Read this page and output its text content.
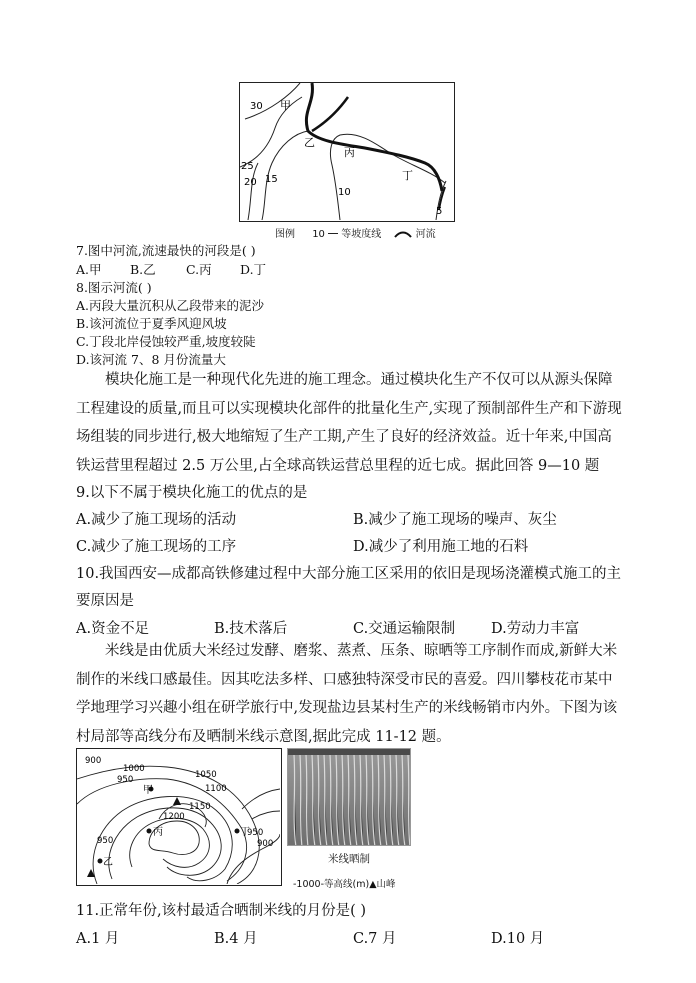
30
25
20 15
10
5
甲
乙
丙
丁
图例 10 等坡度线	河流
7.图中河流,流速最快的河段是( )
A.甲 B.乙 C.丙 D.丁
8.图示河流( )
A.丙段大量沉积从乙段带来的泥沙
B.该河流位于夏季风迎风坡
C.丁段北岸侵蚀较严重,坡度较陡
D.该河流 7、8 月份流量大
模块化施工是一种现代化先进的施工理念。通过模块化生产不仅可以从源头保障工程建设的质量,而且可以实现模块化部件的批量化生产,实现了预制部件生产和下游现场组装的同步进行,极大地缩短了生产工期,产生了良好的经济效益。近十年来,中国高铁运营里程超过 2.5 万公里,占全球高铁运营总里程的近七成。据此回答 9—10 题
9.以下不属于模块化施工的优点的是
A.减少了施工现场的活动	B.减少了施工现场的噪声、灰尘
C.减少了施工现场的工序	D.减少了利用施工地的石料
10.我国西安—成都高铁修建过程中大部分施工区采用的依旧是现场浇灌模式施工的主要原因是
A.资金不足	B.技术落后	C.交通运输限制 D.劳动力丰富
米线是由优质大米经过发酵、磨浆、蒸煮、压条、晾晒等工序制作而成,新鲜大米制作的米线口感最佳。因其吃法多样、口感独特深受市民的喜爱。四川攀枝花市某中学地理学习兴趣小组在研学旅行中,发现盐边县某村生产的米线畅销市内外。下图为该村局部等高线分布及晒制米线示意图,据此完成 11-12 题。
900
950
1000
1050
1100
1150
1200
950
950
900
甲
乙
丙	丁
米线晒制
-1000-等高线(m)▲山峰
11.正常年份,该村最适合晒制米线的月份是( )
A.1 月	B.4 月	C.7 月	D.10 月
